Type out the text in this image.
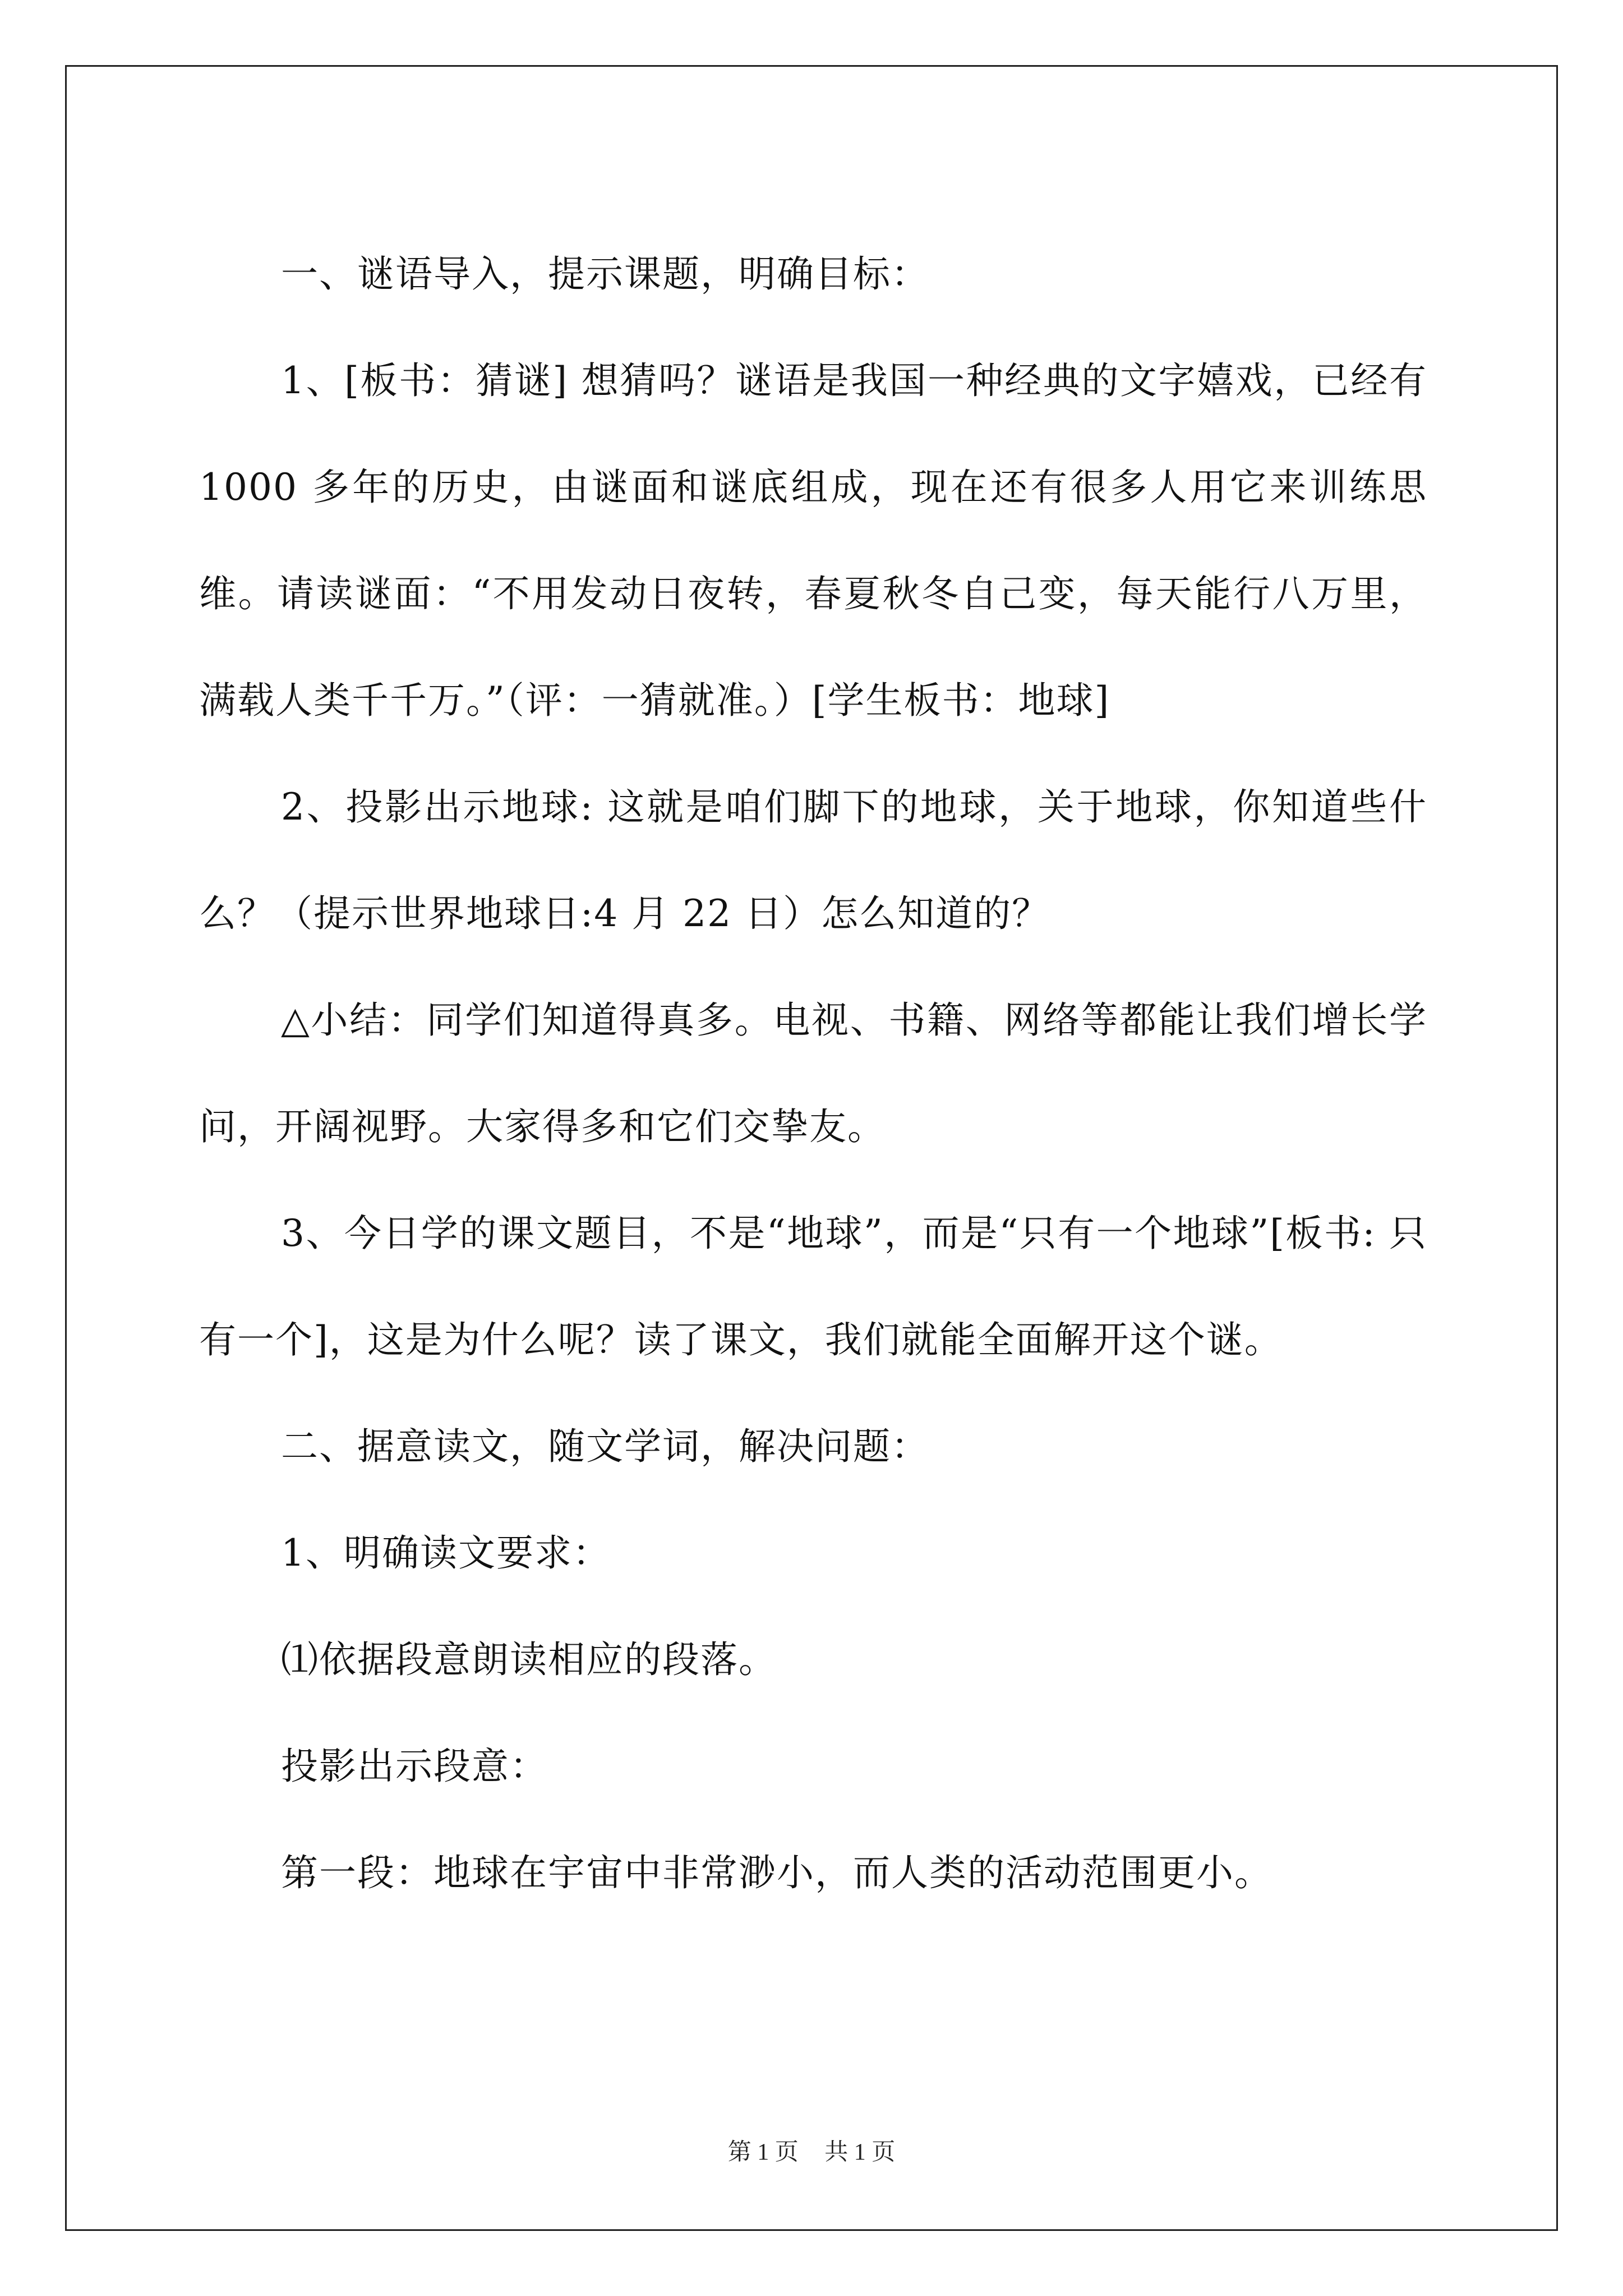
一、谜语导入，提示课题，明确目标：

1、[板书：猜谜] 想猜吗？谜语是我国一种经典的文字嬉戏，已经有 1000 多年的历史，由谜面和谜底组成，现在还有很多人用它来训练思维。请读谜面：“不用发动日夜转，春夏秋冬自己变，每天能行八万里，满载人类千千万。”（评：一猜就准。）[学生板书：地球]

2、投影出示地球: 这就是咱们脚下的地球，关于地球，你知道些什么？（提示世界地球日:4 月 22 日）怎么知道的？

△小结：同学们知道得真多。电视、书籍、网络等都能让我们增长学问，开阔视野。大家得多和它们交挚友。

3、今日学的课文题目，不是“地球”，而是“只有一个地球”[板书: 只有一个]，这是为什么呢？读了课文，我们就能全面解开这个谜。

二、据意读文，随文学词，解决问题：

1、明确读文要求：

⑴依据段意朗读相应的段落。

投影出示段意：

第一段：地球在宇宙中非常渺小，而人类的活动范围更小。

第 1 页 共 1 页
